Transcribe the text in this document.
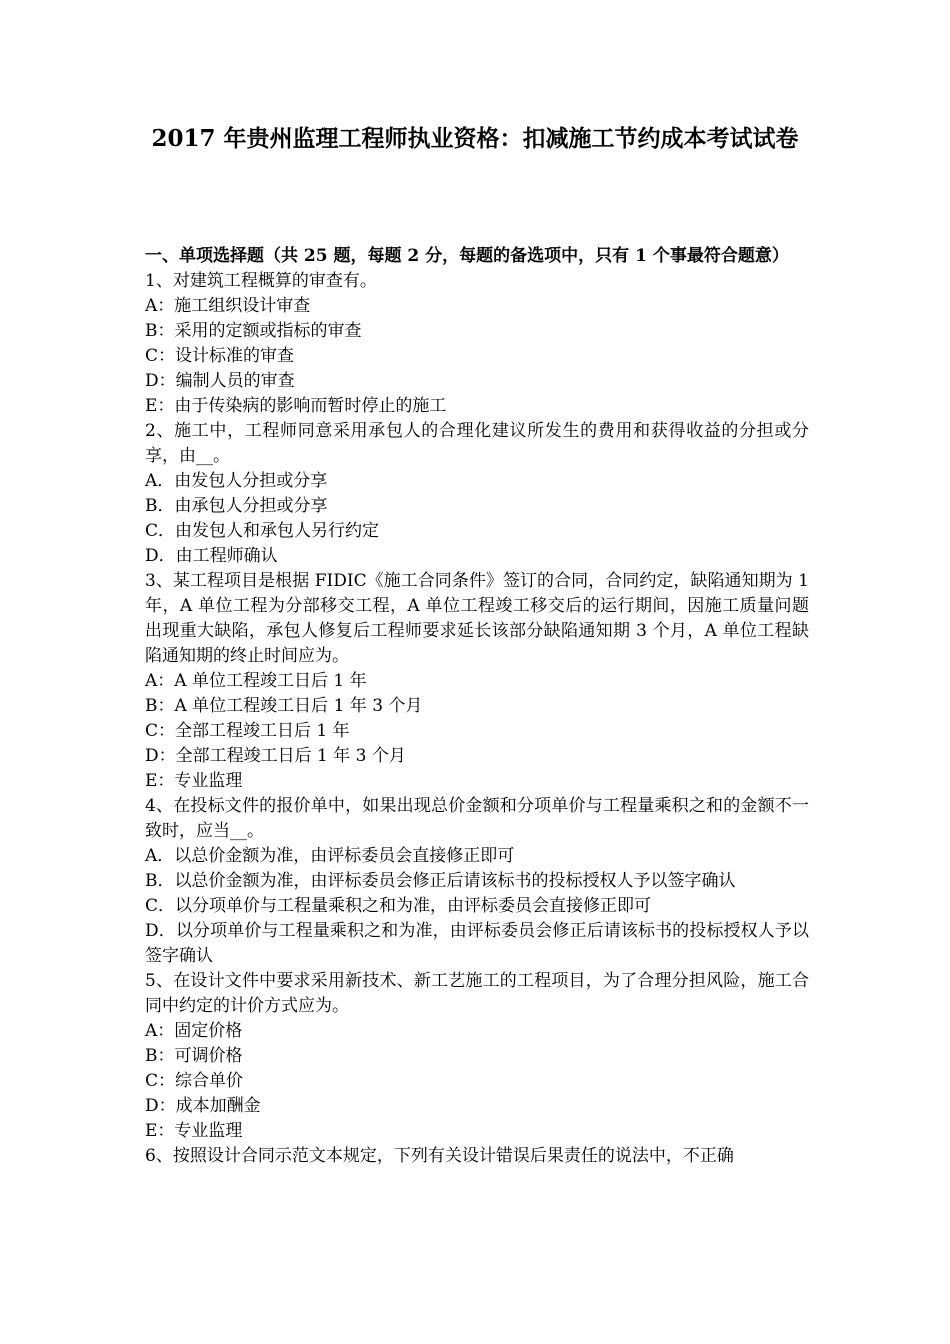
2017 年贵州监理工程师执业资格：扣减施工节约成本考试试卷

一、单项选择题（共 25 题，每题 2 分，每题的备选项中，只有 1 个事最符合题意）

1、对建筑工程概算的审查有。

A：施工组织设计审查

B：采用的定额或指标的审查

C：设计标准的审查

D：编制人员的审查

E：由于传染病的影响而暂时停止的施工

2、施工中，工程师同意采用承包人的合理化建议所发生的费用和获得收益的分担或分享，由__。

A．由发包人分担或分享

B．由承包人分担或分享

C．由发包人和承包人另行约定

D．由工程师确认

3、某工程项目是根据 FIDIC《施工合同条件》签订的合同，合同约定，缺陷通知期为 1 年，A 单位工程为分部移交工程，A 单位工程竣工移交后的运行期间，因施工质量问题出现重大缺陷，承包人修复后工程师要求延长该部分缺陷通知期 3 个月，A 单位工程缺陷通知期的终止时间应为。

A：A 单位工程竣工日后 1 年

B：A 单位工程竣工日后 1 年 3 个月

C：全部工程竣工日后 1 年

D：全部工程竣工日后 1 年 3 个月

E：专业监理

4、在投标文件的报价单中，如果出现总价金额和分项单价与工程量乘积之和的金额不一致时，应当__。

A．以总价金额为准，由评标委员会直接修正即可

B．以总价金额为准，由评标委员会修正后请该标书的投标授权人予以签字确认

C．以分项单价与工程量乘积之和为准，由评标委员会直接修正即可

D．以分项单价与工程量乘积之和为准，由评标委员会修正后请该标书的投标授权人予以签字确认

5、在设计文件中要求采用新技术、新工艺施工的工程项目，为了合理分担风险，施工合同中约定的计价方式应为。

A：固定价格

B：可调价格

C：综合单价

D：成本加酬金

E：专业监理

6、按照设计合同示范文本规定，下列有关设计错误后果责任的说法中，不正确
